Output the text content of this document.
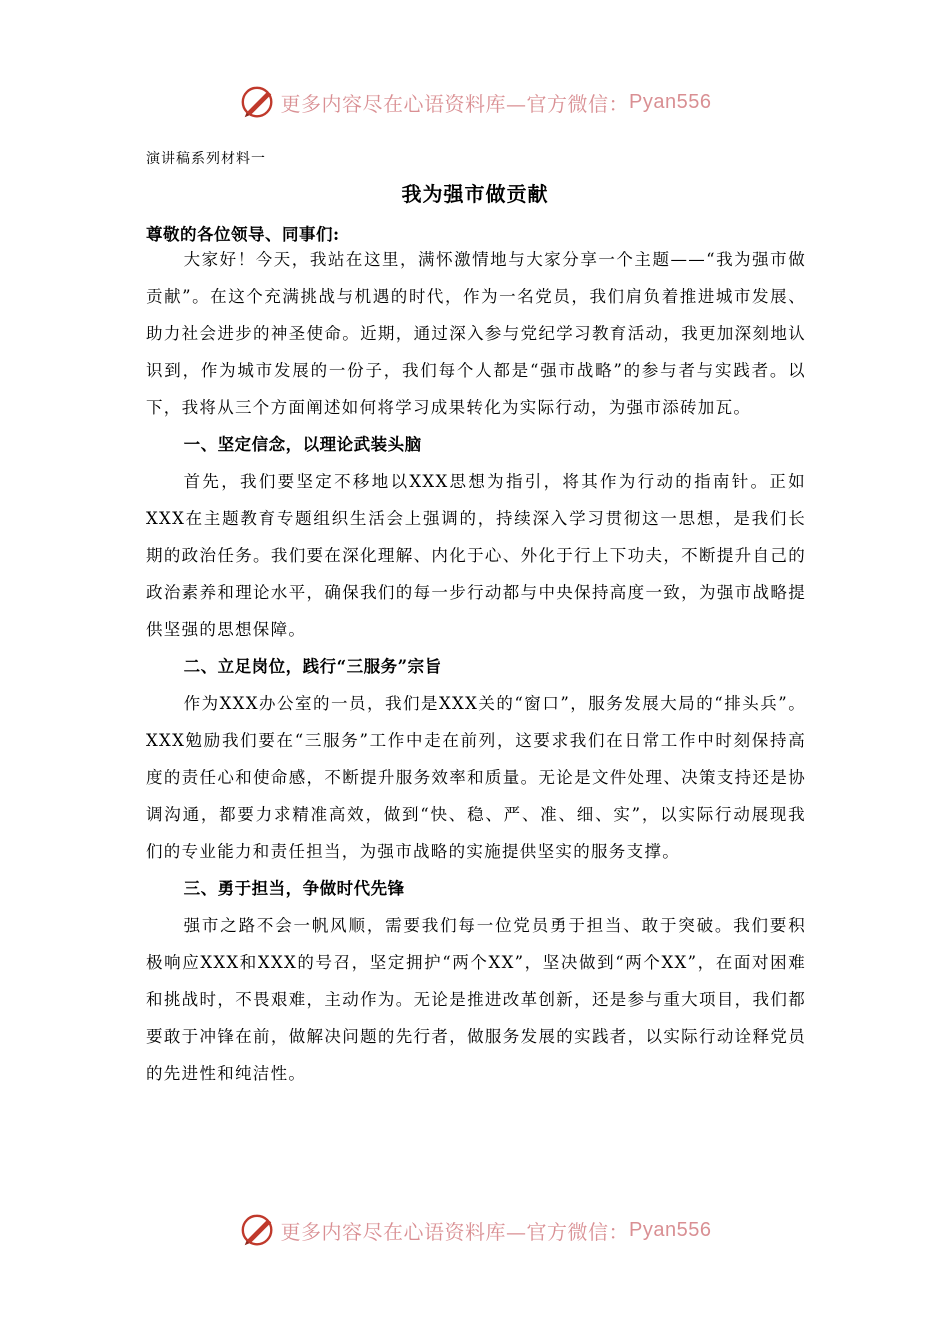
更多内容尽在心语资料库—官方微信： Pyan556
演讲稿系列材料一
我为强市做贡献
尊敬的各位领导、同事们:

大家好！今天，我站在这里，满怀激情地与大家分享一个主题——“我为强市做贡献”。在这个充满挑战与机遇的时代，作为一名党员，我们肩负着推进城市发展、助力社会进步的神圣使命。近期，通过深入参与党纪学习教育活动，我更加深刻地认识到，作为城市发展的一份子，我们每个人都是“强市战略”的参与者与实践者。以下，我将从三个方面阐述如何将学习成果转化为实际行动，为强市添砖加瓦。

一、坚定信念，以理论武装头脑

首先，我们要坚定不移地以XXX思想为指引，将其作为行动的指南针。正如XXX在主题教育专题组织生活会上强调的，持续深入学习贯彻这一思想，是我们长期的政治任务。我们要在深化理解、内化于心、外化于行上下功夫，不断提升自己的政治素养和理论水平，确保我们的每一步行动都与中央保持高度一致，为强市战略提供坚强的思想保障。

二、立足岗位，践行“三服务”宗旨

作为XXX办公室的一员，我们是XXX关的“窗口”，服务发展大局的“排头兵”。XXX勉励我们要在“三服务”工作中走在前列，这要求我们在日常工作中时刻保持高度的责任心和使命感，不断提升服务效率和质量。无论是文件处理、决策支持还是协调沟通，都要力求精准高效，做到“快、稳、严、准、细、实”，以实际行动展现我们的专业能力和责任担当，为强市战略的实施提供坚实的服务支撑。

三、勇于担当，争做时代先锋

强市之路不会一帆风顺，需要我们每一位党员勇于担当、敢于突破。我们要积极响应XXX和XXX的号召，坚定拥护“两个XX”，坚决做到“两个XX”，在面对困难和挑战时，不畏艰难，主动作为。无论是推进改革创新，还是参与重大项目，我们都要敢于冲锋在前，做解决问题的先行者，做服务发展的实践者，以实际行动诠释党员的先进性和纯洁性。

更多内容尽在心语资料库—官方微信： Pyan556
